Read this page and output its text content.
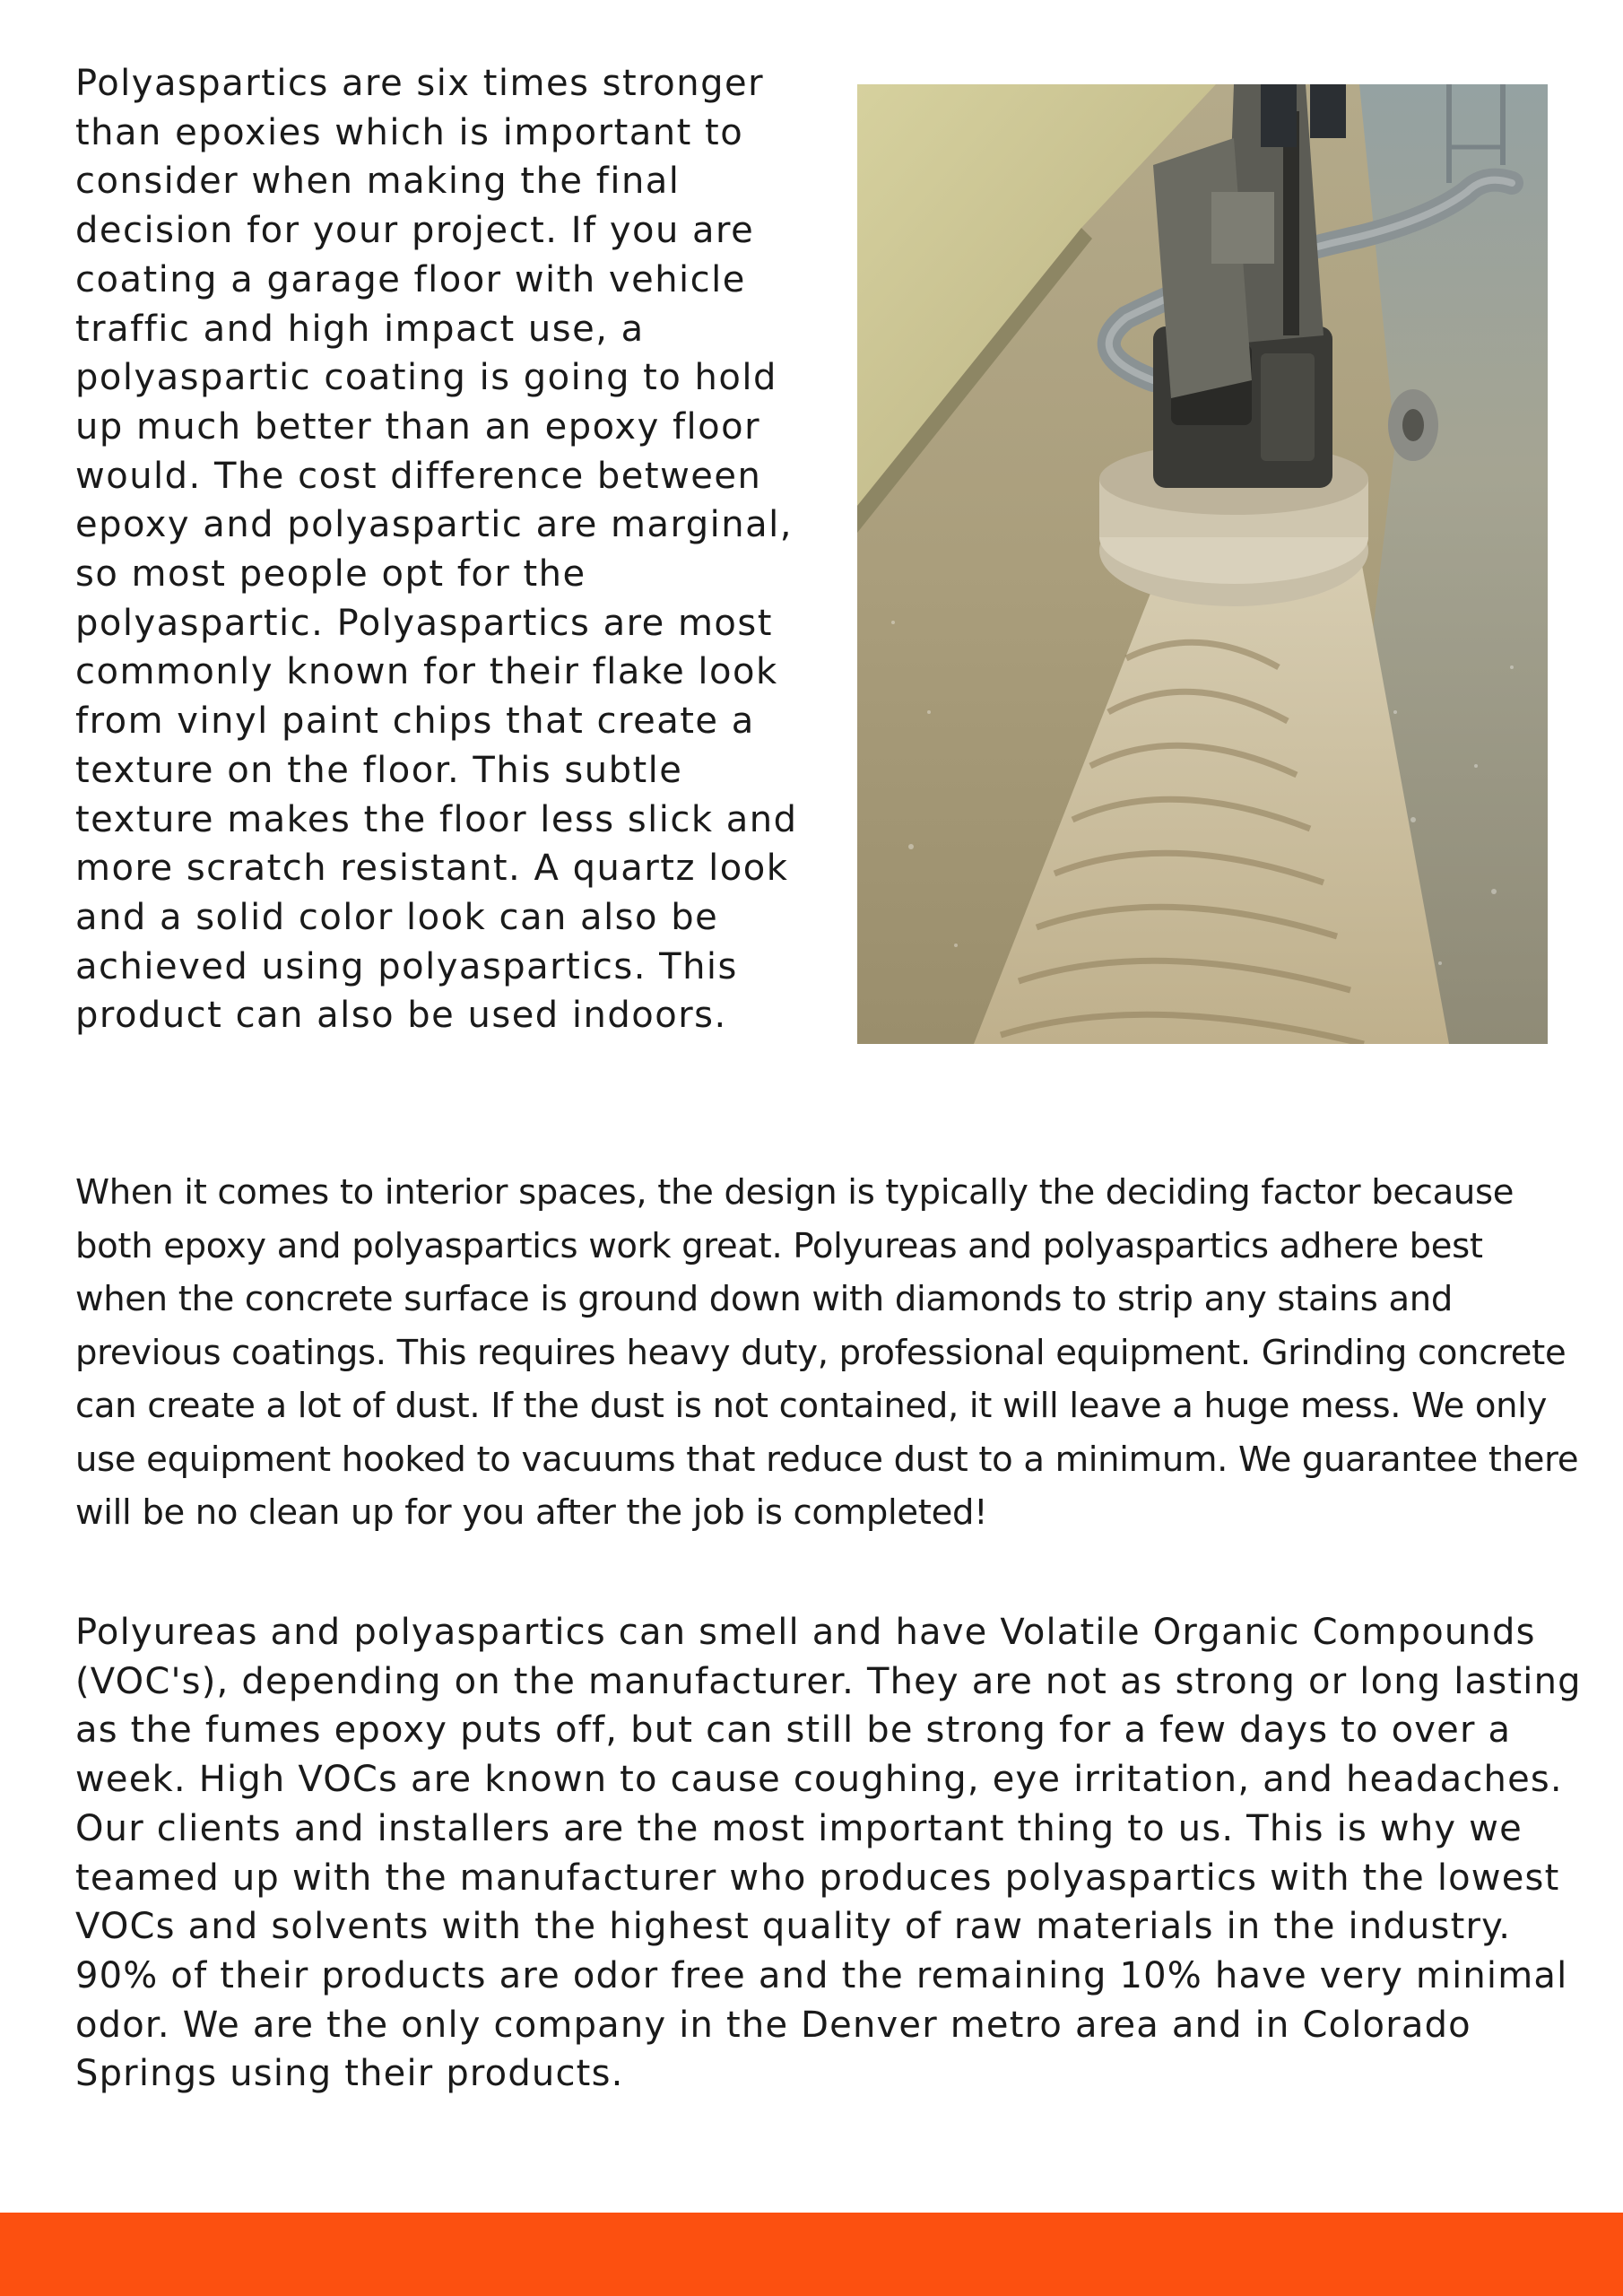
Polyaspartics are six times stronger than epoxies which is important to consider when making the final decision for your project. If you are coating a garage floor with vehicle traffic and high impact use, a polyaspartic coating is going to hold up much better than an epoxy floor would. The cost difference between epoxy and polyaspartic are marginal, so most people opt for the polyaspartic. Polyaspartics are most commonly known for their flake look from vinyl paint chips that create a texture on the floor. This subtle texture makes the floor less slick and more scratch resistant. A quartz look and a solid color look can also be achieved using polyaspartics. This product can also be used indoors.

When it comes to interior spaces, the design is typically the deciding factor because both epoxy and polyaspartics work great. Polyureas and polyaspartics adhere best when the concrete surface is ground down with diamonds to strip any stains and previous coatings. This requires heavy duty, professional equipment. Grinding concrete can create a lot of dust. If the dust is not contained, it will leave a huge mess. We only use equipment hooked to vacuums that reduce dust to a minimum. We guarantee there will be no clean up for you after the job is completed!

Polyureas and polyaspartics can smell and have Volatile Organic Compounds (VOC's), depending on the manufacturer. They are not as strong or long lasting as the fumes epoxy puts off, but can still be strong for a few days to over a week. High VOCs are known to cause coughing, eye irritation, and headaches. Our clients and installers are the most important thing to us. This is why we teamed up with the manufacturer who produces polyaspartics with the lowest VOCs and solvents with the highest quality of raw materials in the industry. 90% of their products are odor free and the remaining 10% have very minimal odor. We are the only company in the Denver metro area and in Colorado Springs using their products.
